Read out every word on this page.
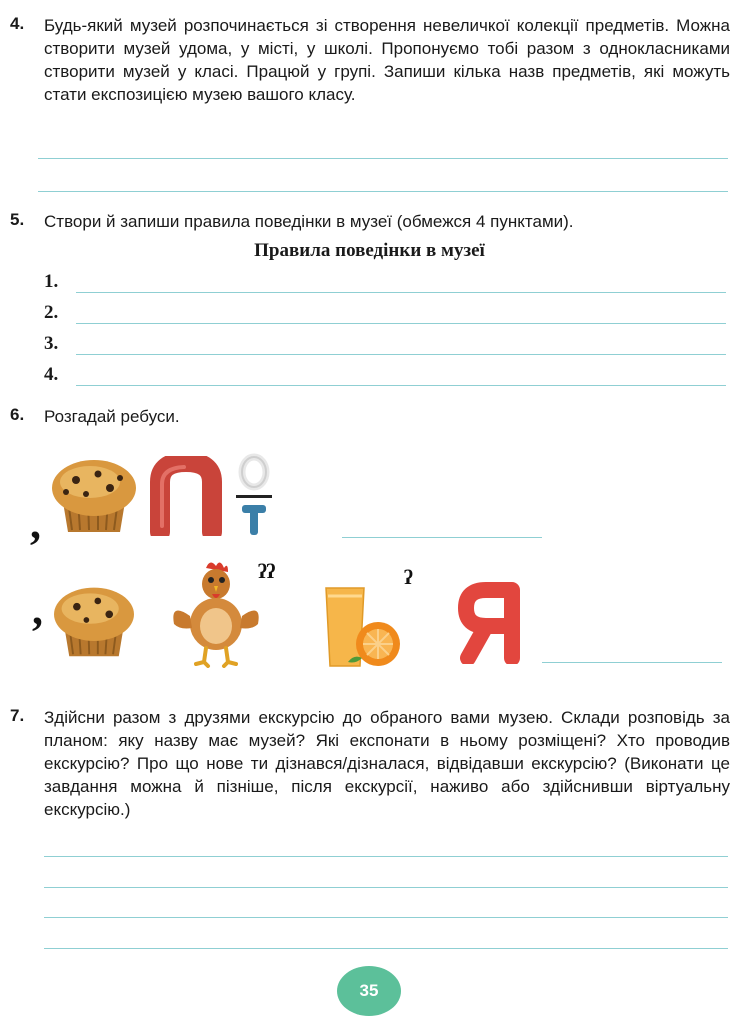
4. Будь-який музей розпочинається зі створення невеличкої колекції предметів. Можна створити музей удома, у місті, у школі. Пропонуємо тобі разом з однокласниками створити музей у класі. Працюй у групі. Запиши кілька назв предметів, які можуть стати експозицією музею вашого класу.

5. Створи й запиши правила поведінки в музеї (обмежся 4 пунктами).

Правила поведінки в музеї
1.
2.
3.
4.
6. Розгадай ребуси.

,
,
ˀˀ	ˀ
7. Здійсни разом з друзями екскурсію до обраного вами музею. Склади розповідь за планом: яку назву має музей? Які експонати в ньому розміщені? Хто проводив екскурсію? Про що нове ти дізнався/дізналася, відвідавши екскурсію? (Виконати це завдання можна й пізніше, після екскурсії, наживо або здійснивши віртуальну екскурсію.)

35
